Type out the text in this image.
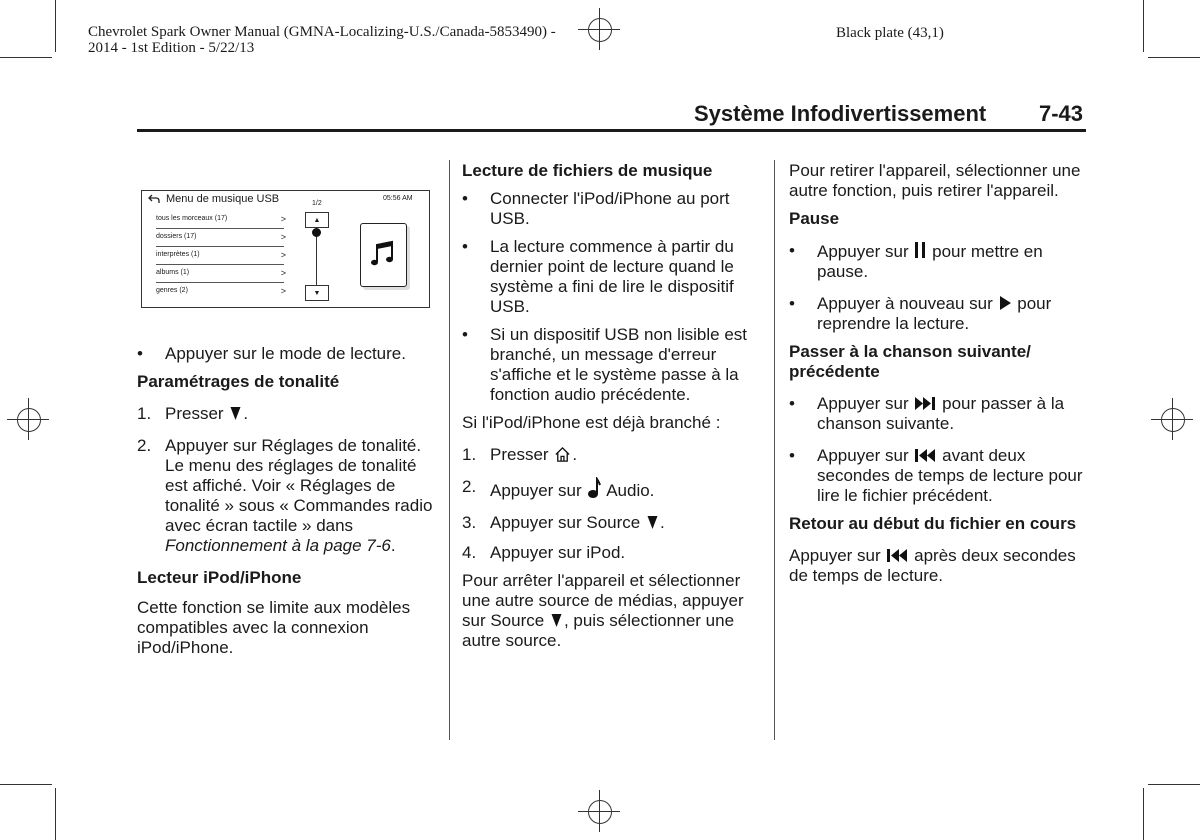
Chevrolet Spark Owner Manual (GMNA-Localizing-U.S./Canada-5853490) -
2014 - 1st Edition - 5/22/13
Black plate (43,1)
Système Infodivertissement 7-43
Menu de musique USB	1/2
05:56 AM
tous les morceaux (17)	>
dossiers (17)	>
interprètes (1)	>
albums (1)	>
genres (2)	>
▲
▼
• Appuyer sur le mode de lecture.

Paramétrages de tonalité

1. Presser .
2. Appuyer sur Réglages de tonalité. Le menu des réglages de tonalité est affiché. Voir « Réglages de tonalité » sous « Commandes radio avec écran tactile » dans Fonctionnement à la page 7-6.

Lecteur iPod/iPhone

Cette fonction se limite aux modèles compatibles avec la connexion iPod/iPhone.

Lecture de fichiers de musique

• Connecter l'iPod/iPhone au port USB.
• La lecture commence à partir du dernier point de lecture quand le système a fini de lire le dispositif USB.
• Si un dispositif USB non lisible est branché, un message d'erreur s'affiche et le système passe à la fonction audio précédente.

Si l'iPod/iPhone est déjà branché :

1. Presser .
2. Appuyer sur Audio.
3. Appuyer sur Source .
4. Appuyer sur iPod.

Pour arrêter l'appareil et sélectionner une autre source de médias, appuyer sur Source , puis sélectionner une autre source.

Pour retirer l'appareil, sélectionner une autre fonction, puis retirer l'appareil.

Pause

• Appuyer sur pour mettre en pause.
• Appuyer à nouveau sur pour reprendre la lecture.

Passer à la chanson suivante/ précédente

• Appuyer sur pour passer à la chanson suivante.
• Appuyer sur avant deux secondes de temps de lecture pour lire le fichier précédent.

Retour au début du fichier en cours

Appuyer sur après deux secondes de temps de lecture.
